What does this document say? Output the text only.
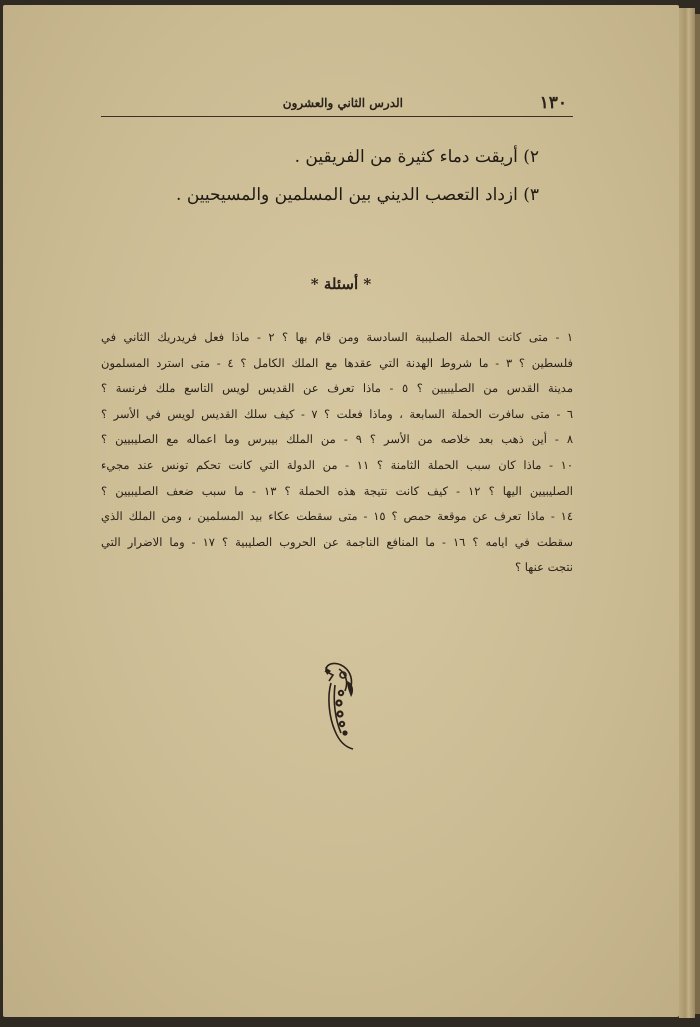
١٣٠
الدرس الثاني والعشرون
٢) أريقت دماء كثيرة من الفريقين .
٣) ازداد التعصب الديني بين المسلمين والمسيحيين .
* أسئلة *
١ - متى كانت الحملة الصليبية السادسة ومن قام بها ؟ ٢ - ماذا فعل فريدريك الثاني في
فلسطين ؟ ٣ - ما شروط الهدنة التي عقدها مع الملك الكامل ؟ ٤ - متى استرد المسلمون
مدينة القدس من الصليبيين ؟ ٥ - ماذا تعرف عن القديس لويس التاسع ملك فرنسة ؟
٦ - متى سافرت الحملة السابعة ، وماذا فعلت ؟ ٧ - كيف سلك القديس لويس في الأسر ؟
٨ - أين ذهب بعد خلاصه من الأسر ؟ ٩ - من الملك بيبرس وما اعماله مع الصليبيين ؟
١٠ - ماذا كان سبب الحملة الثامنة ؟ ١١ - من الدولة التي كانت تحكم تونس عند مجيء
الصليبيين اليها ؟ ١٢ - كيف كانت نتيجة هذه الحملة ؟ ١٣ - ما سبب ضعف الصليبيين ؟
١٤ - ماذا تعرف عن موقعة حمص ؟ ١٥ - متى سقطت عكاء بيد المسلمين ، ومن الملك الذي
سقطت في ايامه ؟ ١٦ - ما المنافع الناجمة عن الحروب الصليبية ؟ ١٧ - وما الاضرار التي
نتجت عنها ؟
